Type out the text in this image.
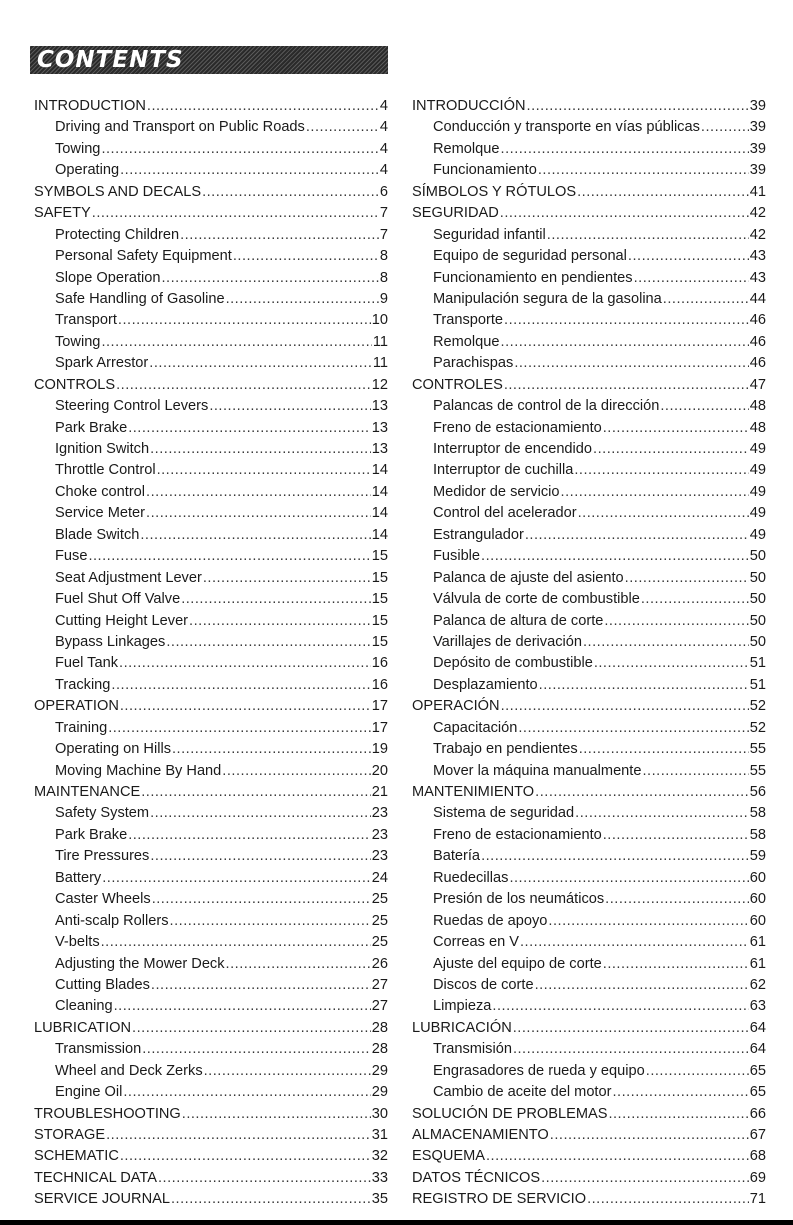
CONTENTS
INTRODUCTION .....	4
Driving and Transport on Public Roads .....	4
Towing .....	4
Operating .....	4
SYMBOLS AND DECALS .....	6
SAFETY .....	7
Protecting Children .....	7
Personal Safety Equipment .....	8
Slope Operation .....	8
Safe Handling of Gasoline .....	9
Transport .....	10
Towing .....	11
Spark Arrestor .....	11
CONTROLS .....	12
Steering Control Levers .....	13
Park Brake .....	13
Ignition Switch .....	13
Throttle Control .....	14
Choke control .....	14
Service Meter .....	14
Blade Switch .....	14
Fuse .....	15
Seat Adjustment Lever .....	15
Fuel Shut Off Valve .....	15
Cutting Height Lever .....	15
Bypass Linkages .....	15
Fuel Tank .....	16
Tracking .....	16
OPERATION .....	17
Training .....	17
Operating on Hills .....	19
Moving Machine By Hand .....	20
MAINTENANCE .....	21
Safety System .....	23
Park Brake .....	23
Tire Pressures .....	23
Battery .....	24
Caster Wheels .....	25
Anti-scalp Rollers .....	25
V-belts .....	25
Adjusting the Mower Deck .....	26
Cutting Blades .....	27
Cleaning .....	27
LUBRICATION .....	28
Transmission .....	28
Wheel and Deck Zerks .....	29
Engine Oil .....	29
TROUBLESHOOTING .....	30
STORAGE .....	31
SCHEMATIC .....	32
TECHNICAL DATA .....	33
SERVICE JOURNAL .....	35
INTRODUCCIÓN .....	39
Conducción y transporte en vías públicas .....	39
Remolque .....	39
Funcionamiento .....	39
SÍMBOLOS Y RÓTULOS .....	41
SEGURIDAD .....	42
Seguridad infantil .....	42
Equipo de seguridad personal .....	43
Funcionamiento en pendientes .....	43
Manipulación segura de la gasolina .....	44
Transporte .....	46
Remolque .....	46
Parachispas .....	46
CONTROLES .....	47
Palancas de control de la dirección .....	48
Freno de estacionamiento .....	48
Interruptor de encendido .....	49
Interruptor de cuchilla .....	49
Medidor de servicio .....	49
Control del acelerador .....	49
Estrangulador .....	49
Fusible .....	50
Palanca de ajuste del asiento .....	50
Válvula de corte de combustible .....	50
Palanca de altura de corte .....	50
Varillajes de derivación .....	50
Depósito de combustible .....	51
Desplazamiento .....	51
OPERACIÓN .....	52
Capacitación .....	52
Trabajo en pendientes .....	55
Mover la máquina manualmente .....	55
MANTENIMIENTO .....	56
Sistema de seguridad .....	58
Freno de estacionamiento .....	58
Batería .....	59
Ruedecillas .....	60
Presión de los neumáticos .....	60
Ruedas de apoyo .....	60
Correas en V .....	61
Ajuste del equipo de corte .....	61
Discos de corte .....	62
Limpieza .....	63
LUBRICACIÓN .....	64
Transmisión .....	64
Engrasadores de rueda y equipo .....	65
Cambio de aceite del motor .....	65
SOLUCIÓN DE PROBLEMAS .....	66
ALMACENAMIENTO .....	67
ESQUEMA .....	68
DATOS TÉCNICOS .....	69
REGISTRO DE SERVICIO .....	71
